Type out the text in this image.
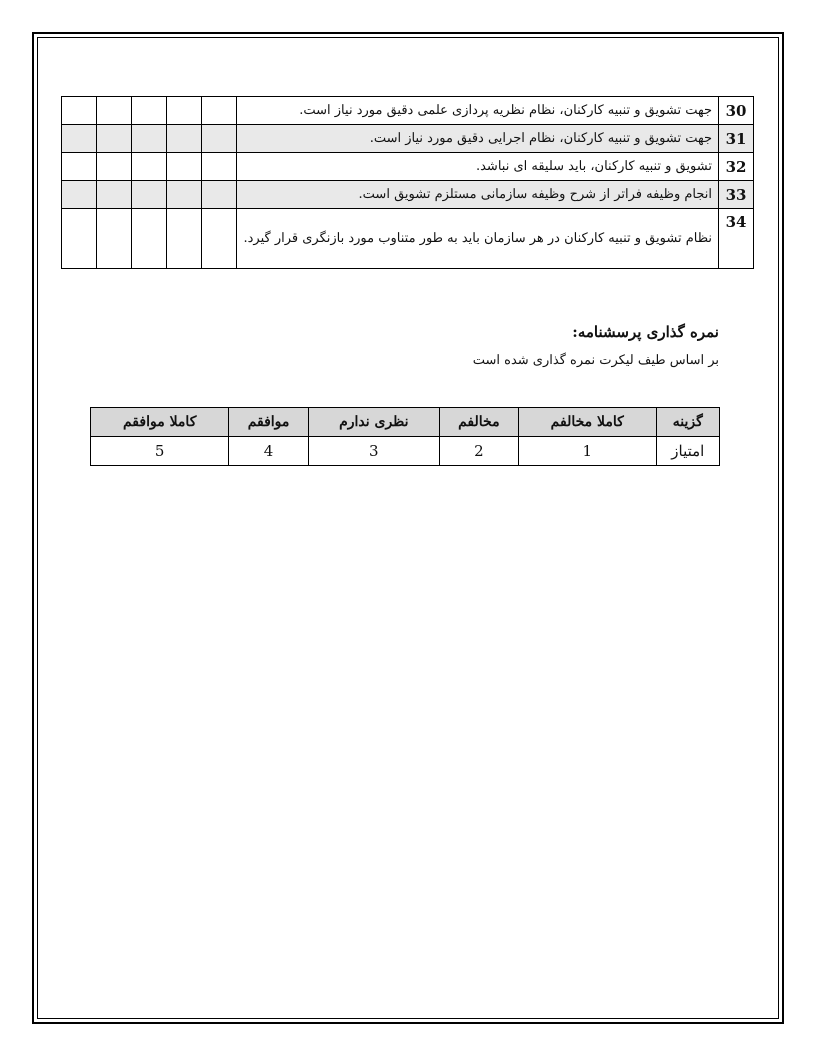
					جهت تشویق و تنبیه کارکنان، نظام نظریه پردازی علمی دقیق مورد نیاز است.	30
					جهت تشویق و تنبیه کارکنان، نظام اجرایی دقیق مورد نیاز است.	31
					تشویق و تنبیه کارکنان، باید سلیقه ای نباشد.	32
					انجام وظیفه فراتر از شرح وظیفه سازمانی مستلزم تشویق است.	33
					نظام تشویق و تنبیه کارکنان در هر سازمان باید به طور متناوب مورد بازنگری قرار گیرد.	34
نمره گذاری پرسشنامه:
بر اساس طیف لیکرت نمره گذاری شده است
گزینه	کاملا مخالفم	مخالفم	نظری ندارم	موافقم	کاملا موافقم
امتیاز	1	2	3	4	5
